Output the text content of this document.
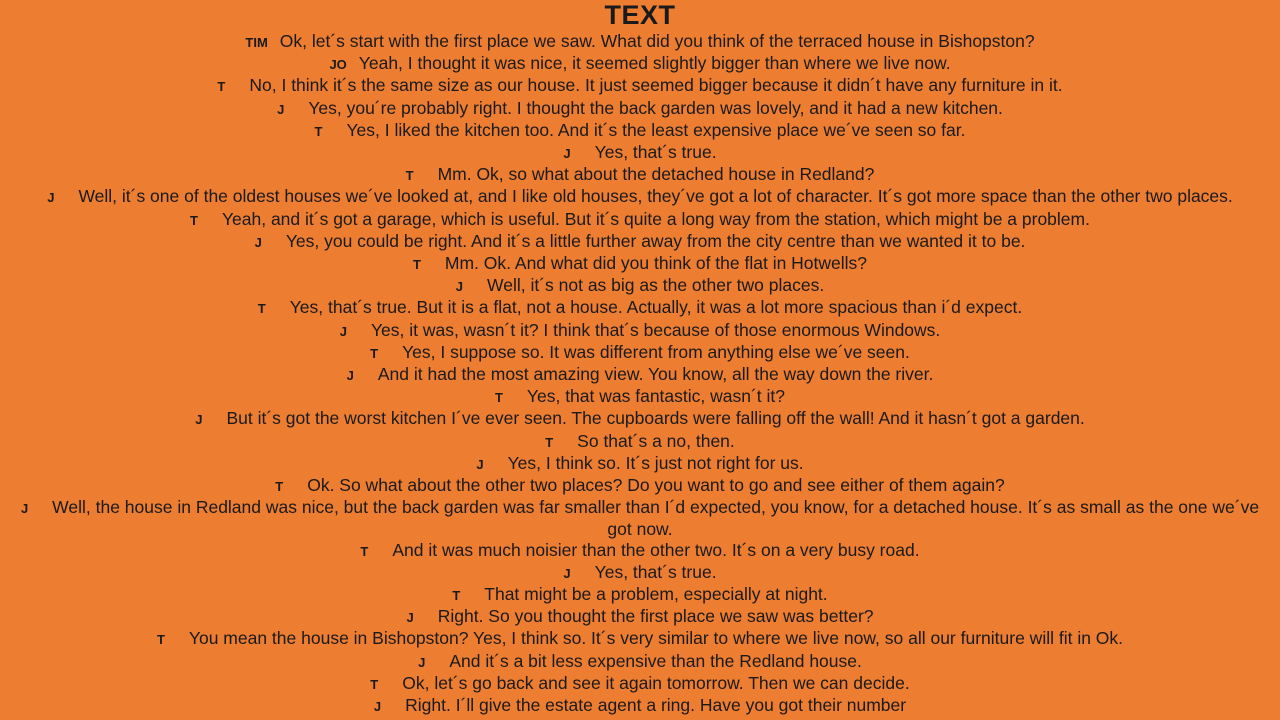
TEXT
TIM Ok, let´s start with the first place we saw. What did you think of the terraced house in Bishopston?
JO Yeah, I thought it was nice, it seemed slightly bigger than where we live now.
T No, I think it´s the same size as our house. It just seemed bigger because it didn´t have any furniture in it.
J Yes, you´re probably right. I thought the back garden was lovely, and it had a new kitchen.
T Yes, I liked the kitchen too. And it´s the least expensive place we´ve seen so far.
J Yes, that´s true.
T Mm. Ok, so what about the detached house in Redland?
J Well, it´s one of the oldest houses we´ve looked at, and I like old houses, they´ve got a lot of character. It´s got more space than the other two places.
T Yeah, and it´s got a garage, which is useful. But it´s quite a long way from the station, which might be a problem.
J Yes, you could be right. And it´s a little further away from the city centre than we wanted it to be.
T Mm. Ok. And what did you think of the flat in Hotwells?
J Well, it´s not as big as the other two places.
T Yes, that´s true. But it is a flat, not a house. Actually, it was a lot more spacious than i´d expect.
J Yes, it was, wasn´t it? I think that´s because of those enormous Windows.
T Yes, I suppose so. It was different from anything else we´ve seen.
J And it had the most amazing view. You know, all the way down the river.
T Yes, that was fantastic, wasn´t it?
J But it´s got the worst kitchen I´ve ever seen. The cupboards were falling off the wall! And it hasn´t got a garden.
T So that´s a no, then.
J Yes, I think so. It´s just not right for us.
T Ok. So what about the other two places? Do you want to go and see either of them again?
J Well, the house in Redland was nice, but the back garden was far smaller than I´d expected, you know, for a detached house. It´s as small as the one we´ve got now.
T And it was much noisier than the other two. It´s on a very busy road.
J Yes, that´s true.
T That might be a problem, especially at night.
J Right. So you thought the first place we saw was better?
T You mean the house in Bishopston? Yes, I think so. It´s very similar to where we live now, so all our furniture will fit in Ok.
J And it´s a bit less expensive than the Redland house.
T Ok, let´s go back and see it again tomorrow. Then we can decide.
J Right. I´ll give the estate agent a ring. Have you got their number
